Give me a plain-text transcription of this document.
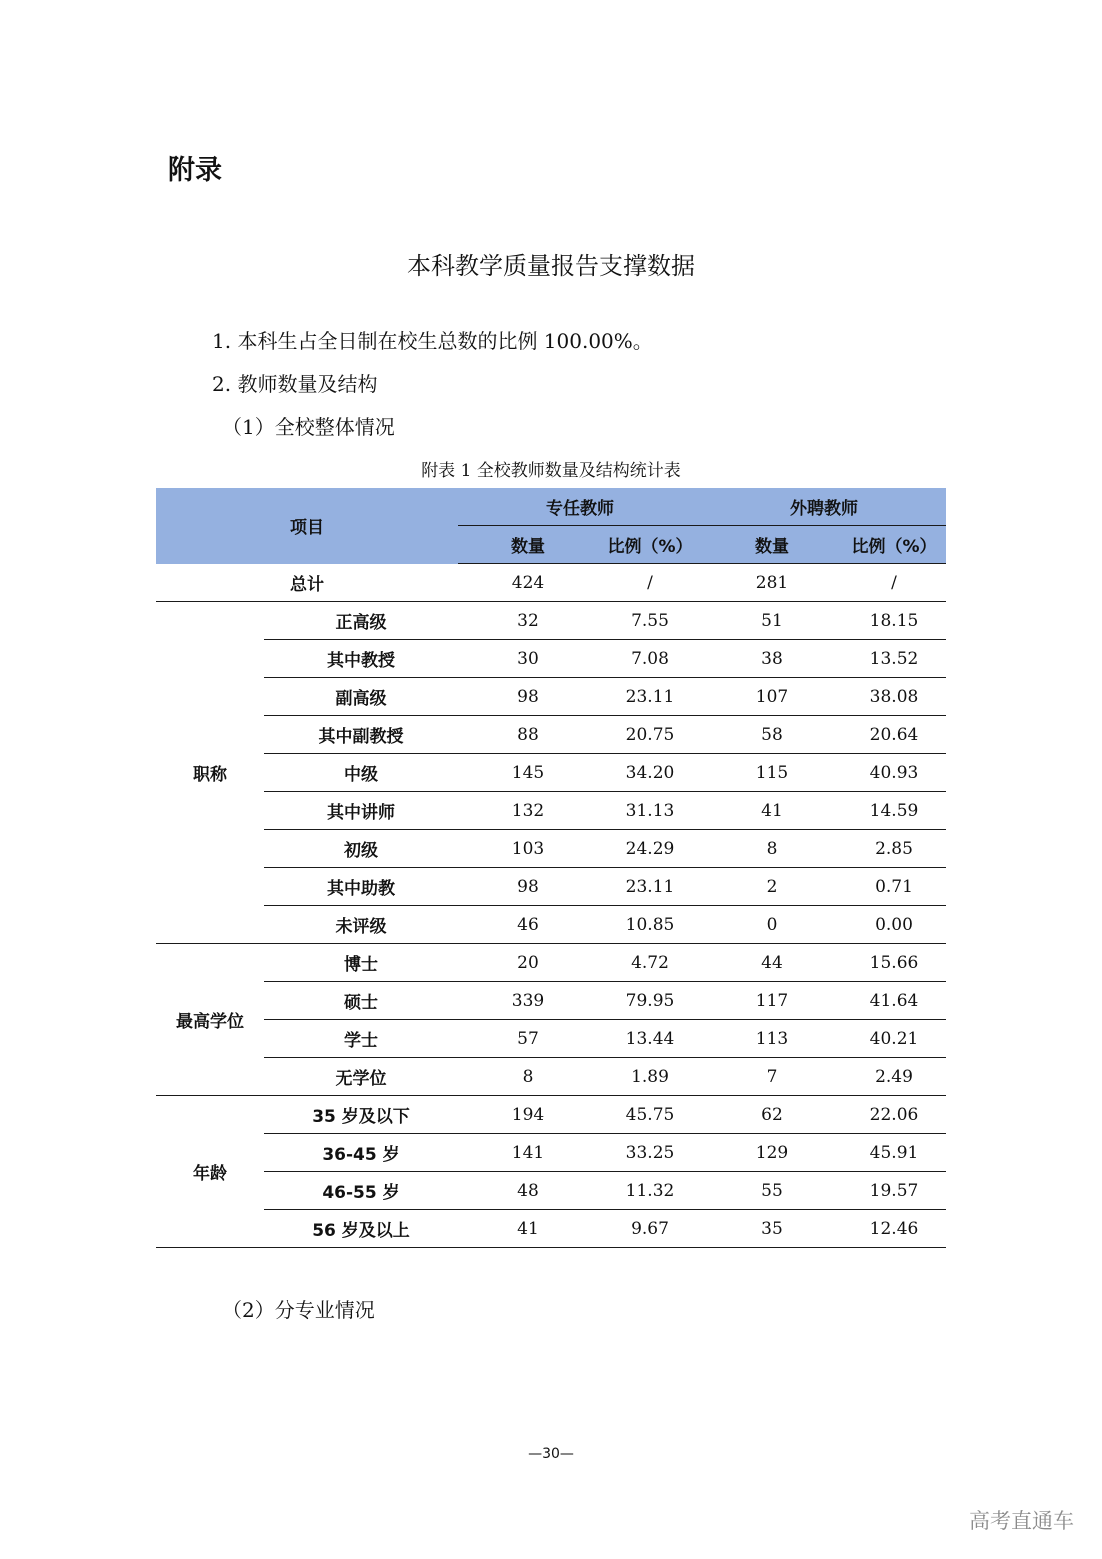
附录
本科教学质量报告支撑数据

1. 本科生占全日制在校生总数的比例 100.00%。

2. 教师数量及结构

（1）全校整体情况

附表 1 全校教师数量及结构统计表
项目		专任教师		外聘教师	
		数量	比例（%）	数量	比例（%）
总计		424	/	281	/
职称	正高级	32	7.55	51	18.15
	其中教授	30	7.08	38	13.52
	副高级	98	23.11	107	38.08
	其中副教授	88	20.75	58	20.64
	中级	145	34.20	115	40.93
	其中讲师	132	31.13	41	14.59
	初级	103	24.29	8	2.85
	其中助教	98	23.11	2	0.71
	未评级	46	10.85	0	0.00
最高学位	博士	20	4.72	44	15.66
	硕士	339	79.95	117	41.64
	学士	57	13.44	113	40.21
	无学位	8	1.89	7	2.49
年龄	35 岁及以下	194	45.75	62	22.06
	36-45 岁	141	33.25	129	45.91
	46-55 岁	48	11.32	55	19.57
	56 岁及以上	41	9.67	35	12.46

（2）分专业情况

—30—
高考直通车
